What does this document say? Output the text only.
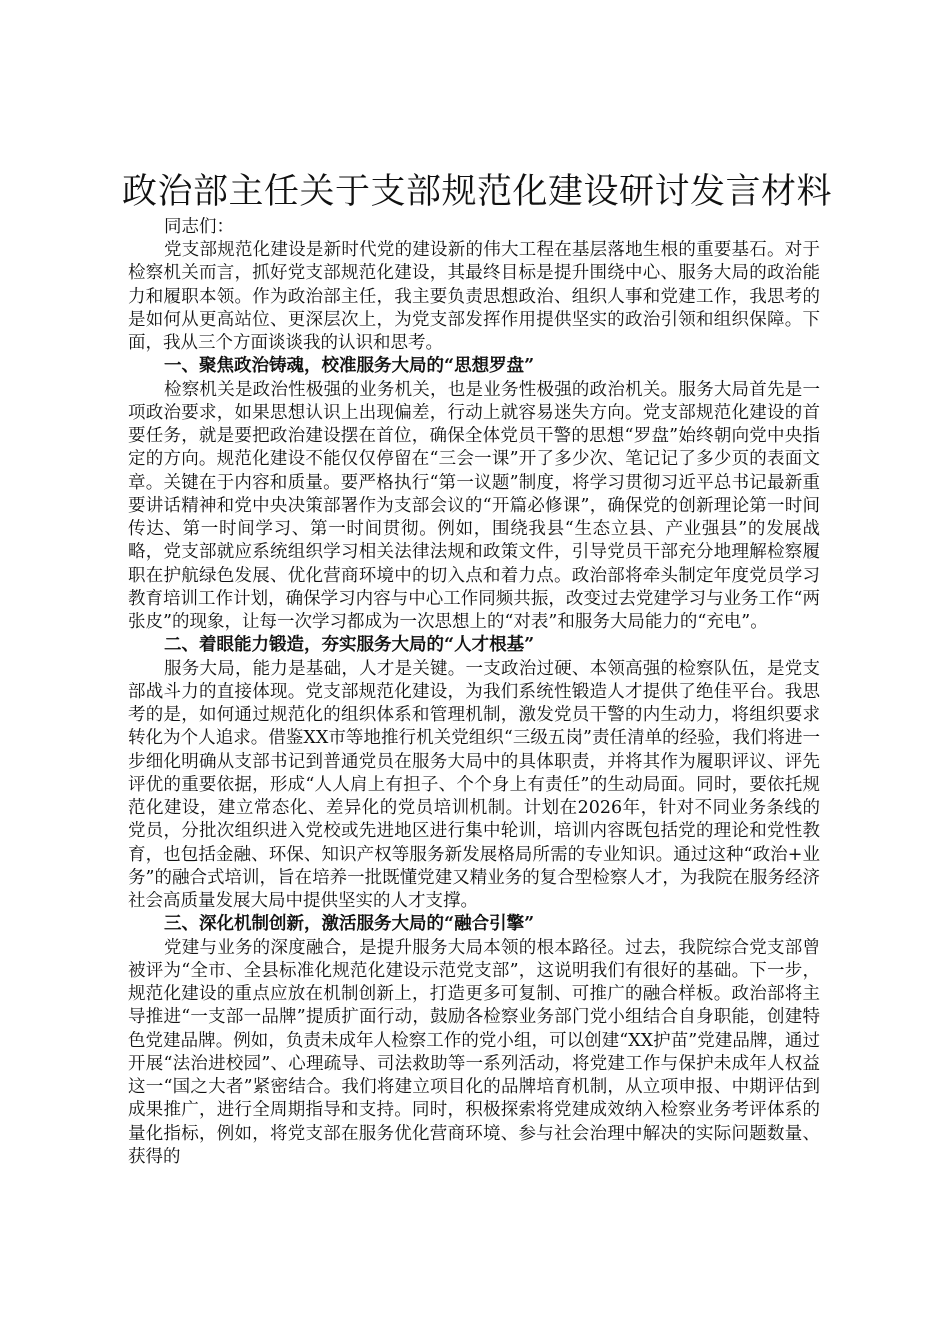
政治部主任关于支部规范化建设研讨发言材料

同志们：

党支部规范化建设是新时代党的建设新的伟大工程在基层落地生根的重要基石。对于检察机关而言，抓好党支部规范化建设，其最终目标是提升围绕中心、服务大局的政治能力和履职本领。作为政治部主任，我主要负责思想政治、组织人事和党建工作，我思考的是如何从更高站位、更深层次上，为党支部发挥作用提供坚实的政治引领和组织保障。下面，我从三个方面谈谈我的认识和思考。

一、聚焦政治铸魂，校准服务大局的“思想罗盘”

检察机关是政治性极强的业务机关，也是业务性极强的政治机关。服务大局首先是一项政治要求，如果思想认识上出现偏差，行动上就容易迷失方向。党支部规范化建设的首要任务，就是要把政治建设摆在首位，确保全体党员干警的思想“罗盘”始终朝向党中央指定的方向。规范化建设不能仅仅停留在“三会一课”开了多少次、笔记记了多少页的表面文章。关键在于内容和质量。要严格执行“第一议题”制度，将学习贯彻习近平总书记最新重要讲话精神和党中央决策部署作为支部会议的“开篇必修课”，确保党的创新理论第一时间传达、第一时间学习、第一时间贯彻。例如，围绕我县“生态立县、产业强县”的发展战略，党支部就应系统组织学习相关法律法规和政策文件，引导党员干部充分地理解检察履职在护航绿色发展、优化营商环境中的切入点和着力点。政治部将牵头制定年度党员学习教育培训工作计划，确保学习内容与中心工作同频共振，改变过去党建学习与业务工作“两张皮”的现象，让每一次学习都成为一次思想上的“对表”和服务大局能力的“充电”。

二、着眼能力锻造，夯实服务大局的“人才根基”

服务大局，能力是基础，人才是关键。一支政治过硬、本领高强的检察队伍，是党支部战斗力的直接体现。党支部规范化建设，为我们系统性锻造人才提供了绝佳平台。我思考的是，如何通过规范化的组织体系和管理机制，激发党员干警的内生动力，将组织要求转化为个人追求。借鉴XX市等地推行机关党组织“三级五岗”责任清单的经验，我们将进一步细化明确从支部书记到普通党员在服务大局中的具体职责，并将其作为履职评议、评先评优的重要依据，形成“人人肩上有担子、个个身上有责任”的生动局面。同时，要依托规范化建设，建立常态化、差异化的党员培训机制。计划在2026年，针对不同业务条线的党员，分批次组织进入党校或先进地区进行集中轮训，培训内容既包括党的理论和党性教育，也包括金融、环保、知识产权等服务新发展格局所需的专业知识。通过这种“政治+业务”的融合式培训，旨在培养一批既懂党建又精业务的复合型检察人才，为我院在服务经济社会高质量发展大局中提供坚实的人才支撑。

三、深化机制创新，激活服务大局的“融合引擎”

党建与业务的深度融合，是提升服务大局本领的根本路径。过去，我院综合党支部曾被评为“全市、全县标准化规范化建设示范党支部”，这说明我们有很好的基础。下一步，规范化建设的重点应放在机制创新上，打造更多可复制、可推广的融合样板。政治部将主导推进“一支部一品牌”提质扩面行动，鼓励各检察业务部门党小组结合自身职能，创建特色党建品牌。例如，负责未成年人检察工作的党小组，可以创建“XX护苗”党建品牌，通过开展“法治进校园”、心理疏导、司法救助等一系列活动，将党建工作与保护未成年人权益这一“国之大者”紧密结合。我们将建立项目化的品牌培育机制，从立项申报、中期评估到成果推广，进行全周期指导和支持。同时，积极探索将党建成效纳入检察业务考评体系的量化指标，例如，将党支部在服务优化营商环境、参与社会治理中解决的实际问题数量、获得的
